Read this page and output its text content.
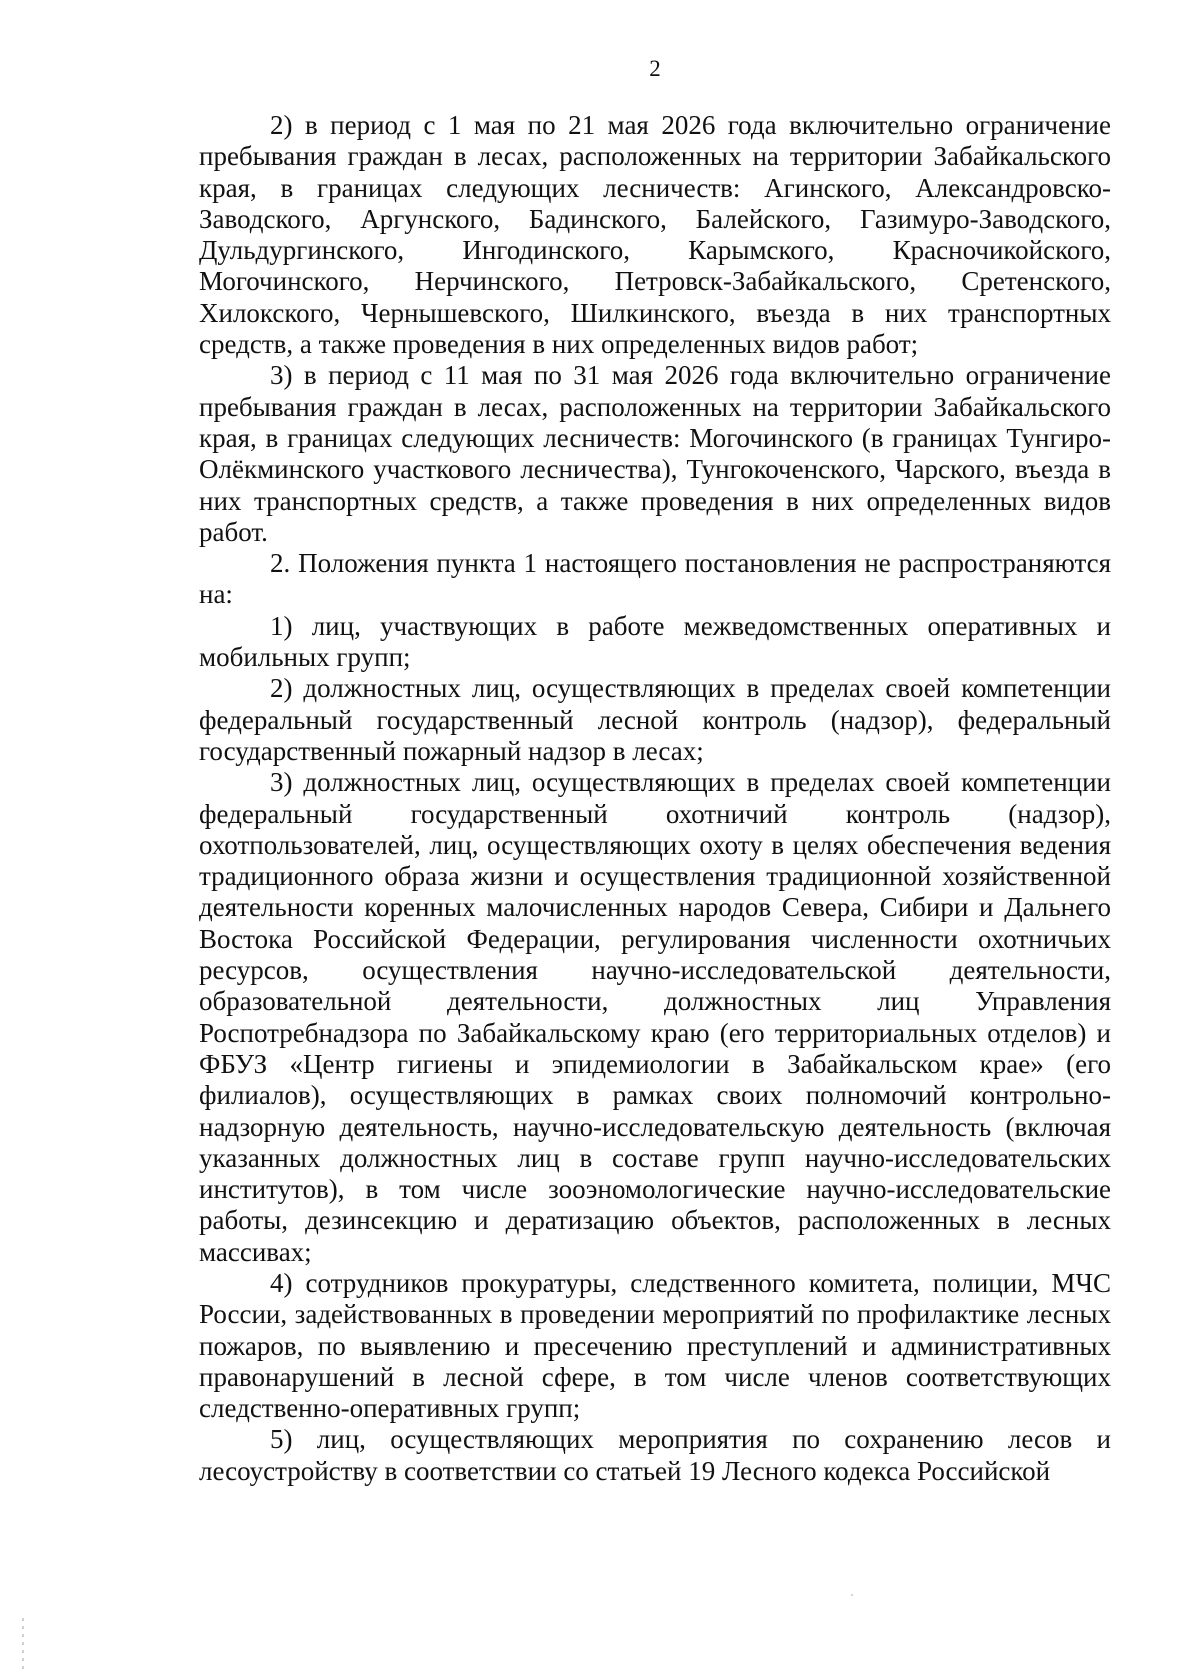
2

2) в период с 1 мая по 21 мая 2026 года включительно ограничение пребывания граждан в лесах, расположенных на территории Забайкальского края, в границах следующих лесничеств: Агинского, Александровско-Заводского, Аргунского, Бадинского, Балейского, Газимуро-Заводского, Дульдургинского, Ингодинского, Карымского, Красночикойского, Могочинского, Нерчинского, Петровск-Забайкальского, Сретенского, Хилокского, Чернышевского, Шилкинского, въезда в них транспортных средств, а также проведения в них определенных видов работ;

3) в период с 11 мая по 31 мая 2026 года включительно ограничение пребывания граждан в лесах, расположенных на территории Забайкальского края, в границах следующих лесничеств: Могочинского (в границах Тунгиро-Олёкминского участкового лесничества), Тунгокоченского, Чарского, въезда в них транспортных средств, а также проведения в них определенных видов работ.

2. Положения пункта 1 настоящего постановления не распространяются на:

1) лиц, участвующих в работе межведомственных оперативных и мобильных групп;

2) должностных лиц, осуществляющих в пределах своей компетенции федеральный государственный лесной контроль (надзор), федеральный государственный пожарный надзор в лесах;

3) должностных лиц, осуществляющих в пределах своей компетенции федеральный государственный охотничий контроль (надзор), охотпользователей, лиц, осуществляющих охоту в целях обеспечения ведения традиционного образа жизни и осуществления традиционной хозяйственной деятельности коренных малочисленных народов Севера, Сибири и Дальнего Востока Российской Федерации, регулирования численности охотничьих ресурсов, осуществления научно-исследовательской деятельности, образовательной деятельности, должностных лиц Управления Роспотребнадзора по Забайкальскому краю (его территориальных отделов) и ФБУЗ «Центр гигиены и эпидемиологии в Забайкальском крае» (его филиалов), осуществляющих в рамках своих полномочий контрольно-надзорную деятельность, научно-исследовательскую деятельность (включая указанных должностных лиц в составе групп научно-исследовательских институтов), в том числе зооэномологические научно-исследовательские работы, дезинсекцию и дератизацию объектов, расположенных в лесных массивах;

4) сотрудников прокуратуры, следственного комитета, полиции, МЧС России, задействованных в проведении мероприятий по профилактике лесных пожаров, по выявлению и пресечению преступлений и административных правонарушений в лесной сфере, в том числе членов соответствующих следственно-оперативных групп;

5) лиц, осуществляющих мероприятия по сохранению лесов и лесоустройству в соответствии со статьей 19 Лесного кодекса Российской
